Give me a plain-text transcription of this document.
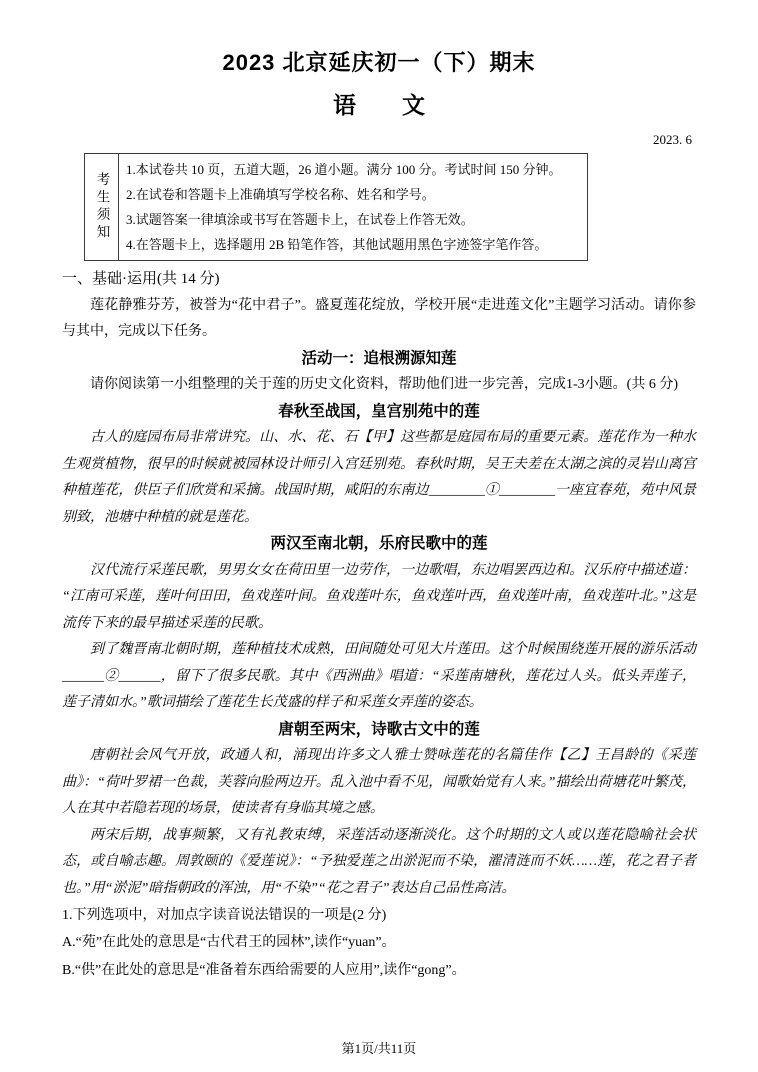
2023 北京延庆初一（下）期末
语　　文
2023. 6
考生须知
1.本试卷共 10 页，五道大题，26 道小题。满分 100 分。考试时间 150 分钟。
2.在试卷和答题卡上准确填写学校名称、姓名和学号。
3.试题答案一律填涂或书写在答题卡上，在试卷上作答无效。
4.在答题卡上，选择题用 2B 铅笔作答，其他试题用黑色字迹签字笔作答。
一、基础·运用(共 14 分)

莲花静雅芬芳，被誉为“花中君子”。盛夏莲花绽放，学校开展“走进莲文化”主题学习活动。请你参与其中，完成以下任务。

活动一：追根溯源知莲

请你阅读第一小组整理的关于莲的历史文化资料，帮助他们进一步完善，完成1-3小题。(共 6 分)

春秋至战国，皇宫别苑中的莲

古人的庭园布局非常讲究。山、水、花、石【甲】这些都是庭园布局的重要元素。莲花作为一种水生观赏植物，很早的时候就被园林设计师引入宫廷别苑。春秋时期，吴王夫差在太湖之滨的灵岩山离宫种植莲花，供臣子们欣赏和采摘。战国时期，咸阳的东南边________①________一座宜春苑，苑中风景别致，池塘中种植的就是莲花。

两汉至南北朝，乐府民歌中的莲

汉代流行采莲民歌，男男女女在荷田里一边劳作，一边歌唱，东边唱罢西边和。汉乐府中描述道：“江南可采莲，莲叶何田田，鱼戏莲叶间。鱼戏莲叶东，鱼戏莲叶西，鱼戏莲叶南，鱼戏莲叶北。”这是流传下来的最早描述采莲的民歌。

到了魏晋南北朝时期，莲种植技术成熟，田间随处可见大片莲田。这个时候围绕莲开展的游乐活动______②______，留下了很多民歌。其中《西洲曲》唱道：“采莲南塘秋，莲花过人头。低头弄莲子，莲子清如水。”歌词描绘了莲花生长茂盛的样子和采莲女弄莲的姿态。

唐朝至两宋，诗歌古文中的莲

唐朝社会风气开放，政通人和，涌现出许多文人雅士赞咏莲花的名篇佳作【乙】王昌龄的《采莲曲》：“荷叶罗裙一色裁，芙蓉向脸两边开。乱入池中看不见，闻歌始觉有人来。”描绘出荷塘花叶繁茂，人在其中若隐若现的场景，使读者有身临其境之感。

两宋后期，战事频繁，又有礼教束缚，采莲活动逐渐淡化。这个时期的文人或以莲花隐喻社会状态，或自喻志趣。周敦颐的《爱莲说》：“予独爱莲之出淤泥而不染，濯清涟而不妖……莲，花之君子者也。”用“淤泥”暗指朝政的浑浊，用“不染”“花之君子”表达自己品性高洁。

1.下列选项中，对加点字读音说法错误的一项是(2 分)
A.“苑”在此处的意思是“古代君王的园林”,读作“yuan”。
B.“供”在此处的意思是“准备着东西给需要的人应用”,读作“gong”。
第1页/共11页
